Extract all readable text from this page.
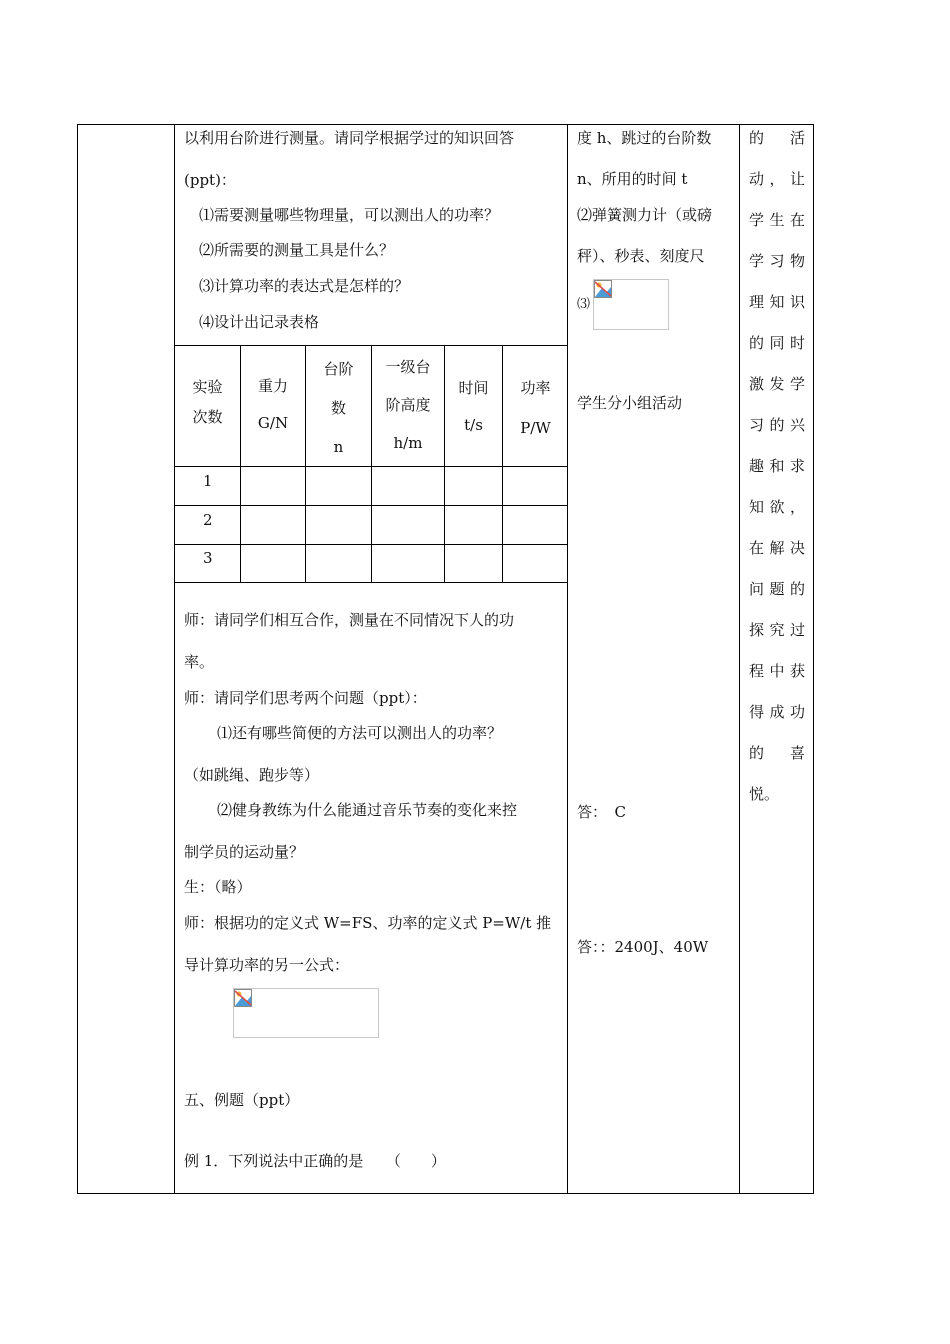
以利用台阶进行测量。请同学根据学过的知识回答
(ppt)：
⑴需要测量哪些物理量，可以测出人的功率？
⑵所需要的测量工具是什么？
⑶计算功率的表达式是怎样的？
⑷设计出记录表格
实验
次数
重力
G/N
台阶
数
n
一级台
阶高度
h/m
时间
t/s
功率
P/W
1
2
3
师：请同学们相互合作，测量在不同情况下人的功
率。
师：请同学们思考两个问题（ppt）：
⑴还有哪些简便的方法可以测出人的功率？
（如跳绳、跑步等）
⑵健身教练为什么能通过音乐节奏的变化来控
制学员的运动量？
生：（略）
师：根据功的定义式 W=FS、功率的定义式 P=W/t 推
导计算功率的另一公式：
五、例题（ppt）
例 1．下列说法中正确的是　　（　　）
度 h、跳过的台阶数
n、所用的时间 t
⑵弹簧测力计（或磅
秤）、秒表、刻度尺
⑶
学生分小组活动
答：　C
答：：2400J、40W
的　活
动，让
学生在
学习物
理知识
的同时
激发学
习的兴
趣和求
知欲，
在解决
问题的
探究过
程中获
得成功
的　喜
悦。
